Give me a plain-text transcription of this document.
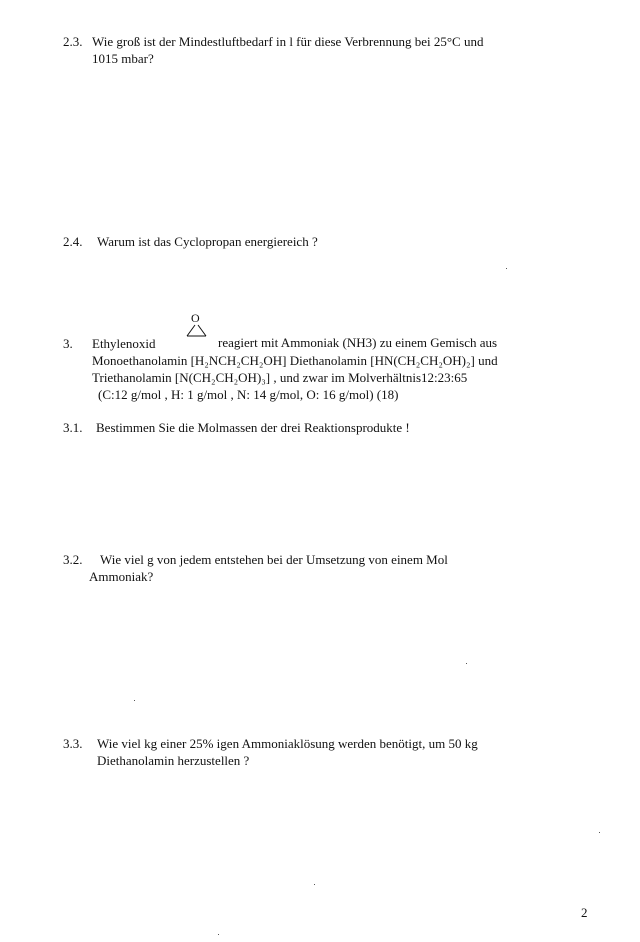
2.3. Wie groß ist der Mindestluftbedarf in l für diese Verbrennung bei 25°C und
1015 mbar?
2.4. Warum ist das Cyclopropan energiereich ?
3. Ethylenoxid
O
reagiert mit Ammoniak (NH3) zu einem Gemisch aus
Monoethanolamin [H₂NCH₂CH₂OH] Diethanolamin [HN(CH₂CH₂OH)₂] und
Triethanolamin [N(CH₂CH₂OH)₃] , und zwar im Molverhältnis12:23:65
(C:12 g/mol , H: 1 g/mol , N: 14 g/mol, O: 16 g/mol) (18)
3.1. Bestimmen Sie die Molmassen der drei Reaktionsprodukte !
3.2. Wie viel g von jedem entstehen bei der Umsetzung von einem Mol
Ammoniak?
3.3. Wie viel kg einer 25% igen Ammoniaklösung werden benötigt, um 50 kg
Diethanolamin herzustellen ?
2
